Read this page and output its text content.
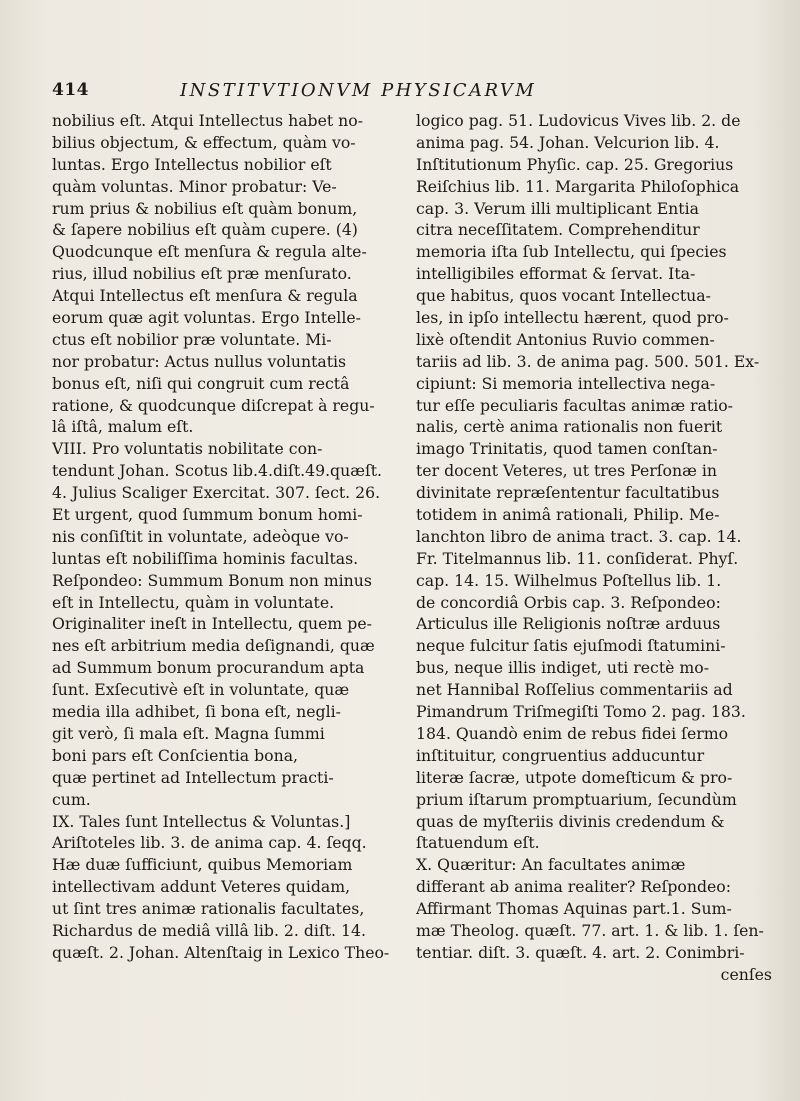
414	INSTITVTIONVM PHYSICARVM
nobilius eſt. Atqui Intellectus habet no-
bilius objectum, & effectum, quàm vo-
luntas. Ergo Intellectus nobilior eſt
quàm voluntas. Minor probatur: Ve-
rum prius & nobilius eſt quàm bonum,
& ſapere nobilius eſt quàm cupere. (4)
Quodcunque eſt menſura & regula alte-
rius, illud nobilius eſt præ menſurato.
Atqui Intellectus eſt menſura & regula
eorum quæ agit voluntas. Ergo Intelle-
ctus eſt nobilior præ voluntate. Mi-
nor probatur: Actus nullus voluntatis
bonus eſt, niſi qui congruit cum rectâ
ratione, & quodcunque diſcrepat à regu-
lâ iſtâ, malum eſt.
VIII. Pro voluntatis nobilitate con-
tendunt Johan. Scotus lib.4.diſt.49.quæſt.
4. Julius Scaliger Exercitat. 307. ſect. 26.
Et urgent, quod ſummum bonum homi-
nis conſiſtit in voluntate, adeòque vo-
luntas eſt nobiliſſima hominis facultas.
Reſpondeo: Summum Bonum non minus
eſt in Intellectu, quàm in voluntate.
Originaliter ineſt in Intellectu, quem pe-
nes eſt arbitrium media deſignandi, quæ
ad Summum bonum procurandum apta
ſunt. Exſecutivè eſt in voluntate, quæ
media illa adhibet, ſi bona eſt, negli-
git verò, ſi mala eſt. Magna ſummi
boni pars eſt Conſcientia bona,
quæ pertinet ad Intellectum practi-
cum.
IX. Tales ſunt Intellectus & Voluntas.]
Ariſtoteles lib. 3. de anima cap. 4. ſeqq.
Hæ duæ ſufficiunt, quibus Memoriam
intellectivam addunt Veteres quidam,
ut ſint tres animæ rationalis facultates,
Richardus de mediâ villâ lib. 2. diſt. 14.
quæſt. 2. Johan. Altenſtaig in Lexico Theo-
logico pag. 51. Ludovicus Vives lib. 2. de
anima pag. 54. Johan. Velcurion lib. 4.
Inſtitutionum Phyſic. cap. 25. Gregorius
Reiſchius lib. 11. Margarita Philoſophica
cap. 3. Verum illi multiplicant Entia
citra neceſſitatem. Comprehenditur
memoria iſta ſub Intellectu, qui ſpecies
intelligibiles efformat & ſervat. Ita-
que habitus, quos vocant Intellectua-
les, in ipſo intellectu hærent, quod pro-
lixè oſtendit Antonius Ruvio commen-
tariis ad lib. 3. de anima pag. 500. 501. Ex-
cipiunt: Si memoria intellectiva nega-
tur eſſe peculiaris facultas animæ ratio-
nalis, certè anima rationalis non fuerit
imago Trinitatis, quod tamen conſtan-
ter docent Veteres, ut tres Perſonæ in
divinitate repræſententur facultatibus
totidem in animâ rationali, Philip. Me-
lanchton libro de anima tract. 3. cap. 14.
Fr. Titelmannus lib. 11. conſiderat. Phyſ.
cap. 14. 15. Wilhelmus Poſtellus lib. 1.
de concordiâ Orbis cap. 3. Reſpondeo:
Articulus ille Religionis noſtræ arduus
neque fulcitur ſatis ejuſmodi ſtatumini-
bus, neque illis indiget, uti rectè mo-
net Hannibal Roſſelius commentariis ad
Pimandrum Triſmegiſti Tomo 2. pag. 183.
184. Quandò enim de rebus fidei ſermo
inſtituitur, congruentius adducuntur
literæ ſacræ, utpote domeſticum & pro-
prium iſtarum promptuarium, ſecundùm
quas de myſteriis divinis credendum &
ſtatuendum eſt.
X. Quæritur: An facultates animæ
differant ab anima realiter? Reſpondeo:
Affirmant Thomas Aquinas part.1. Sum-
mæ Theolog. quæſt. 77. art. 1. & lib. 1. ſen-
tentiar. diſt. 3. quæſt. 4. art. 2. Conimbri-
cenſes
